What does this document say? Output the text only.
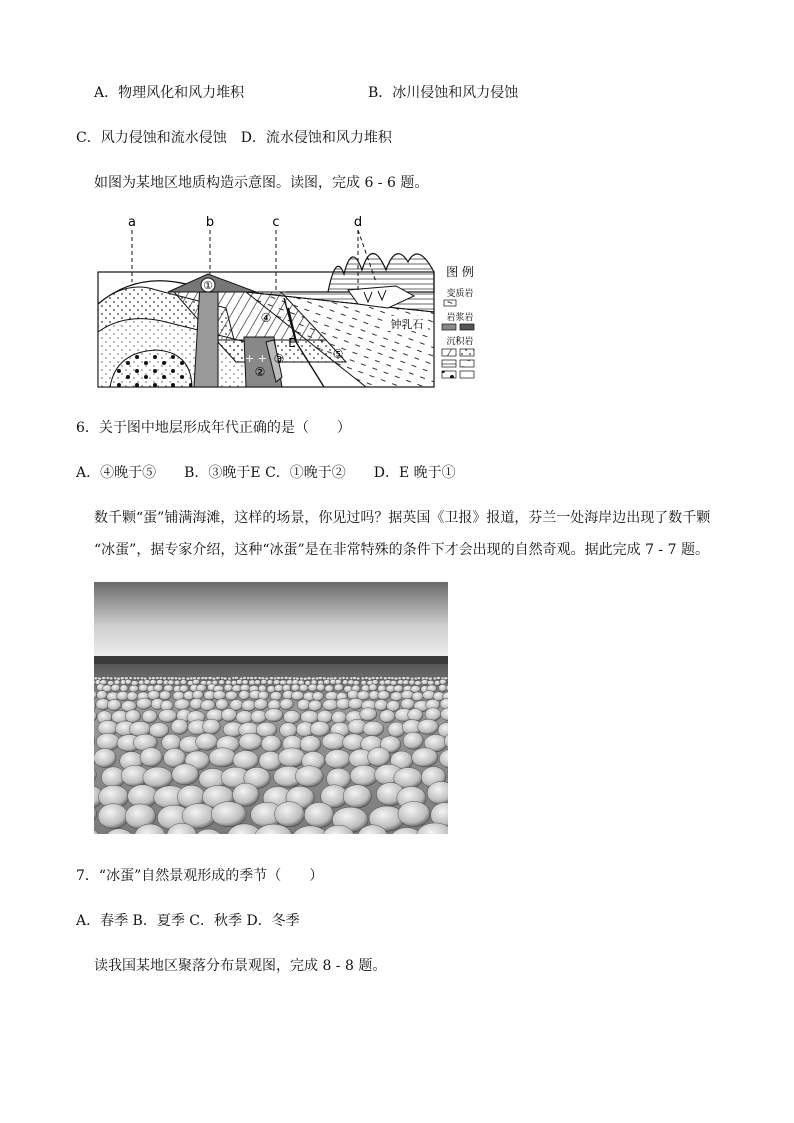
A．物理风化和风力堆积	B．冰川侵蚀和风力侵蚀
C．风力侵蚀和流水侵蚀　D．流水侵蚀和风力堆积
如图为某地区地质构造示意图。读图，完成 6 - 6 题。
①
+ +
②
③
④
⑤
E
a	b	c	d
钟乳石
图 例
变质岩
岩浆岩
沉积岩
6．关于图中地层形成年代正确的是（　　）
A．④晚于⑤　　B．③晚于E C．①晚于②　　D．E 晚于①
数千颗“蛋”铺满海滩，这样的场景，你见过吗？据英国《卫报》报道，芬兰一处海岸边出现了数千颗
“冰蛋”，据专家介绍，这种“冰蛋”是在非常特殊的条件下才会出现的自然奇观。据此完成 7 - 7 题。
7．“冰蛋”自然景观形成的季节（　　）
A．春季 B．夏季 C．秋季 D．冬季
读我国某地区聚落分布景观图，完成 8 - 8 题。
